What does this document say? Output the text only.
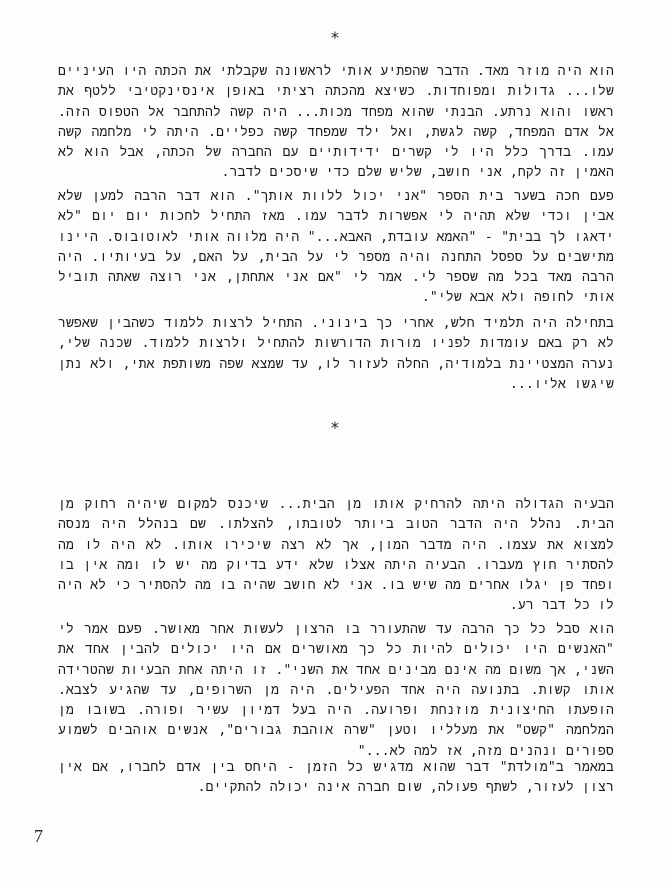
*

הוא היה מוזר מאד. הדבר שהפתיע אותי לראשונה שקבלתי את הכתה היו העיניים שלו... גדולות ומפוחדות. כשיצא מהכתה רציתי באופן אינסינקטיבי ללטף את ראשו והוא נרתע. הבנתי שהוא מפחד מכות... היה קשה להתחבר אל הטפוס הזה. אל אדם המפחד, קשה לגשת, ואל ילד שמפחד קשה כפליים. היתה לי מלחמה קשה עמו. בדרך כלל היו לי קשרים ידידותיים עם החברה של הכתה, אבל הוא לא האמין זה לקח, אני חושב, שליש שלם כדי שיסכים לדבר.

פעם חכה בשער בית הספר "אני יכול ללוות אותך". הוא דבר הרבה למען שלא אבין וכדי שלא תהיה לי אפשרות לדבר עמו. מאז התחיל לחכות יום יום "לא ידאגו לך בבית" - "האמא עובדת, האבא..." היה מלווה אותי לאוטובוס. היינו מתישבים על ספסל התחנה והיה מספר לי על הבית, על האם, על בעיותיו. היה הרבה מאד בכל מה שספר לי. אמר לי "אם אני אתחתן, אני רוצה שאתה תוביל אותי לחופה ולא אבא שלי".

בתחילה היה תלמיד חלש, אחרי כך בינוני. התחיל לרצות ללמוד כשהבין שאפשר לא רק באם עומדות לפניו מורות הדורשות להתחיל ולרצות ללמוד. שכנה שלי, נערה המצטיינת בלמודיה, החלה לעזור לו, עד שמצא שפה משותפת אתי, ולא נתן שיגשו אליו...

*

הבעיה הגדולה היתה להרחיק אותו מן הבית... שיכנס למקום שיהיה רחוק מן הבית. נהלל היה הדבר הטוב ביותר לטובתו, להצלתו. שם בנהלל היה מנסה למצוא את עצמו. היה מדבר המון, אך לא רצה שיכירו אותו. לא היה לו מה להסתיר חוץ מעברו. הבעיה היתה אצלו שלא ידע בדיוק מה יש לו ומה אין בו ופחד פן יגלו אחרים מה שיש בו. אני לא חושב שהיה בו מה להסתיר כי לא היה לו כל דבר רע.

הוא סבל כל כך הרבה עד שהתעורר בו הרצון לעשות אחר מאושר. פעם אמר לי "האנשים היו יכולים להיות כל כך מאושרים אם היו יכולים להבין אחד את השני, אך משום מה אינם מבינים אחד את השני". זו היתה אחת הבעיות שהטרידה אותו קשות. בתנועה היה אחד הפעילים. היה מן השרופים, עד שהגיע לצבא. הופעתו החיצונית מוזנחת ופרועה. היה בעל דמיון עשיר ופורה. בשובו מן המלחמה "קשט" את מעלליו וטען "שרה אוהבת גבורים", אנשים אוהבים לשמוע ספורים ונהנים מזה, אז למה לא..."

במאמר ב"מולדת" דבר שהוא מדגיש כל הזמן - היחס בין אדם לחברו, אם אין רצון לעזור, לשתף פעולה, שום חברה אינה יכולה להתקיים.

7
